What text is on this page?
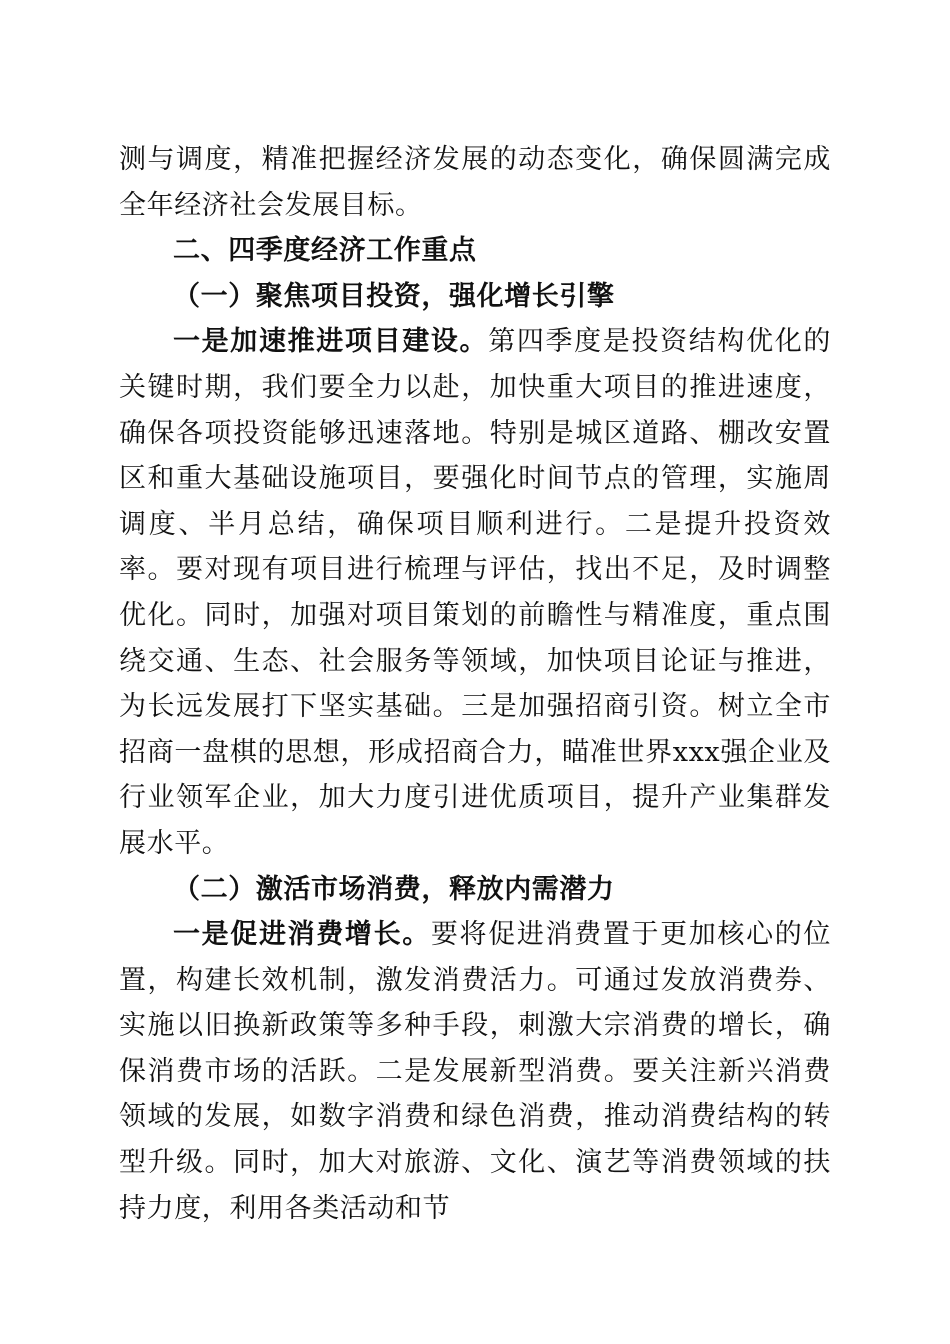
测与调度，精准把握经济发展的动态变化，确保圆满完成全年经济社会发展目标。

二、四季度经济工作重点

（一）聚焦项目投资，强化增长引擎

一是加速推进项目建设。第四季度是投资结构优化的关键时期，我们要全力以赴，加快重大项目的推进速度，确保各项投资能够迅速落地。特别是城区道路、棚改安置区和重大基础设施项目，要强化时间节点的管理，实施周调度、半月总结，确保项目顺利进行。二是提升投资效率。要对现有项目进行梳理与评估，找出不足，及时调整优化。同时，加强对项目策划的前瞻性与精准度，重点围绕交通、生态、社会服务等领域，加快项目论证与推进，为长远发展打下坚实基础。三是加强招商引资。树立全市招商一盘棋的思想，形成招商合力，瞄准世界xxx强企业及行业领军企业，加大力度引进优质项目，提升产业集群发展水平。

（二）激活市场消费，释放内需潜力

一是促进消费增长。要将促进消费置于更加核心的位置，构建长效机制，激发消费活力。可通过发放消费券、实施以旧换新政策等多种手段，刺激大宗消费的增长，确保消费市场的活跃。二是发展新型消费。要关注新兴消费领域的发展，如数字消费和绿色消费，推动消费结构的转型升级。同时，加大对旅游、文化、演艺等消费领域的扶持力度，利用各类活动和节
